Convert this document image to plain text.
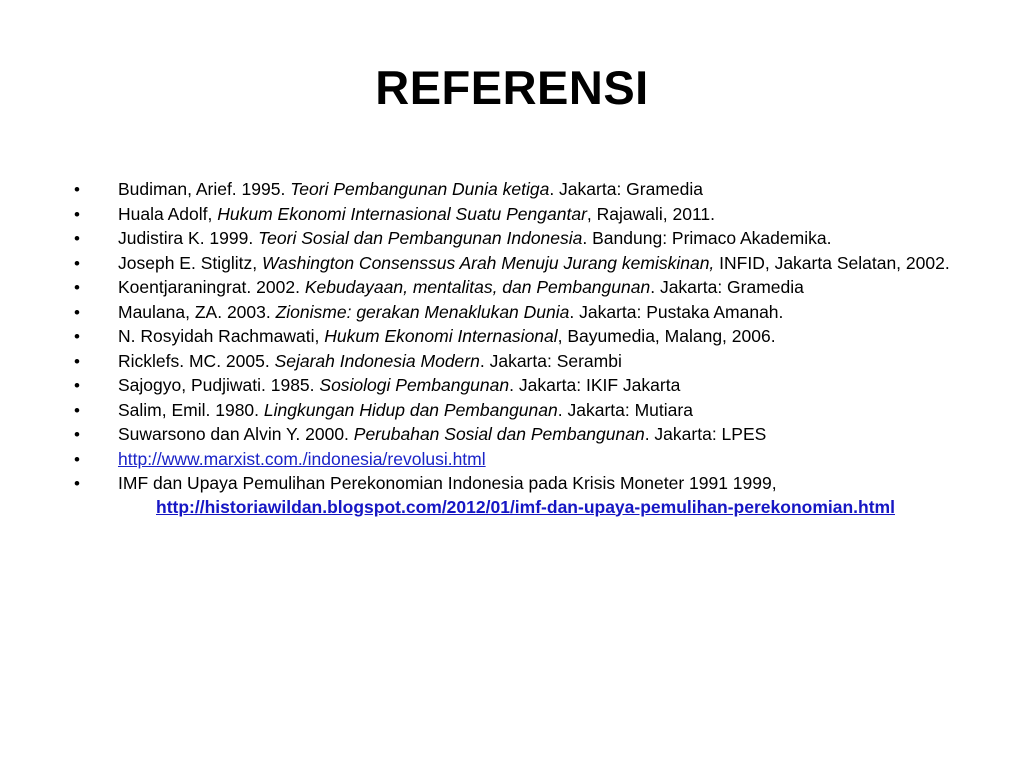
REFERENSI
• Budiman, Arief. 1995. Teori Pembangunan Dunia ketiga. Jakarta: Gramedia
• Huala Adolf, Hukum Ekonomi Internasional Suatu Pengantar, Rajawali, 2011.
• Judistira K. 1999. Teori Sosial dan Pembangunan Indonesia. Bandung: Primaco Akademika.
• Joseph E. Stiglitz, Washington Consenssus Arah Menuju Jurang kemiskinan, INFID, Jakarta Selatan, 2002.
• Koentjaraningrat. 2002. Kebudayaan, mentalitas, dan Pembangunan. Jakarta: Gramedia
• Maulana, ZA. 2003. Zionisme: gerakan Menaklukan Dunia. Jakarta: Pustaka Amanah.
• N. Rosyidah Rachmawati, Hukum Ekonomi Internasional, Bayumedia, Malang, 2006.
• Ricklefs. MC. 2005. Sejarah Indonesia Modern. Jakarta: Serambi
• Sajogyo, Pudjiwati. 1985. Sosiologi Pembangunan. Jakarta: IKIF Jakarta
• Salim, Emil. 1980. Lingkungan Hidup dan Pembangunan. Jakarta: Mutiara
• Suwarsono dan Alvin Y. 2000. Perubahan Sosial dan Pembangunan. Jakarta: LPES
• http://www.marxist.com./indonesia/revolusi.html
• IMF dan Upaya Pemulihan Perekonomian Indonesia pada Krisis Moneter 1991 1999,
http://historiawildan.blogspot.com/2012/01/imf-dan-upaya-pemulihan-perekonomian.html
